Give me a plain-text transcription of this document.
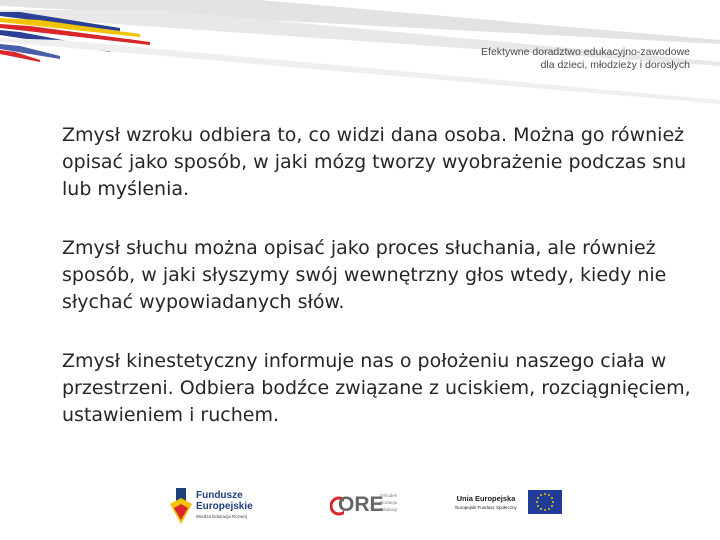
Efektywne doradztwo edukacyjno-zawodowe
dla dzieci, młodzieży i dorosłych

Zmysł wzroku odbiera to, co widzi dana osoba. Można go również opisać jako sposób, w jaki mózg tworzy wyobrażenie podczas snu lub myślenia.

Zmysł słuchu można opisać jako proces słuchania, ale również sposób, w jaki słyszymy swój wewnętrzny głos wtedy, kiedy nie słychać wypowiadanych słów.

Zmysł kinestetyczny informuje nas o położeniu naszego ciała w przestrzeni. Odbiera bodźce związane z uciskiem, rozciągnięciem, ustawieniem i ruchem.

Fundusze
Europejskie
Wiedza Edukacja Rozwój
ORE
Ośrodek
Rozwoju
Edukacji
Unia Europejska
Europejski Fundusz Społeczny
